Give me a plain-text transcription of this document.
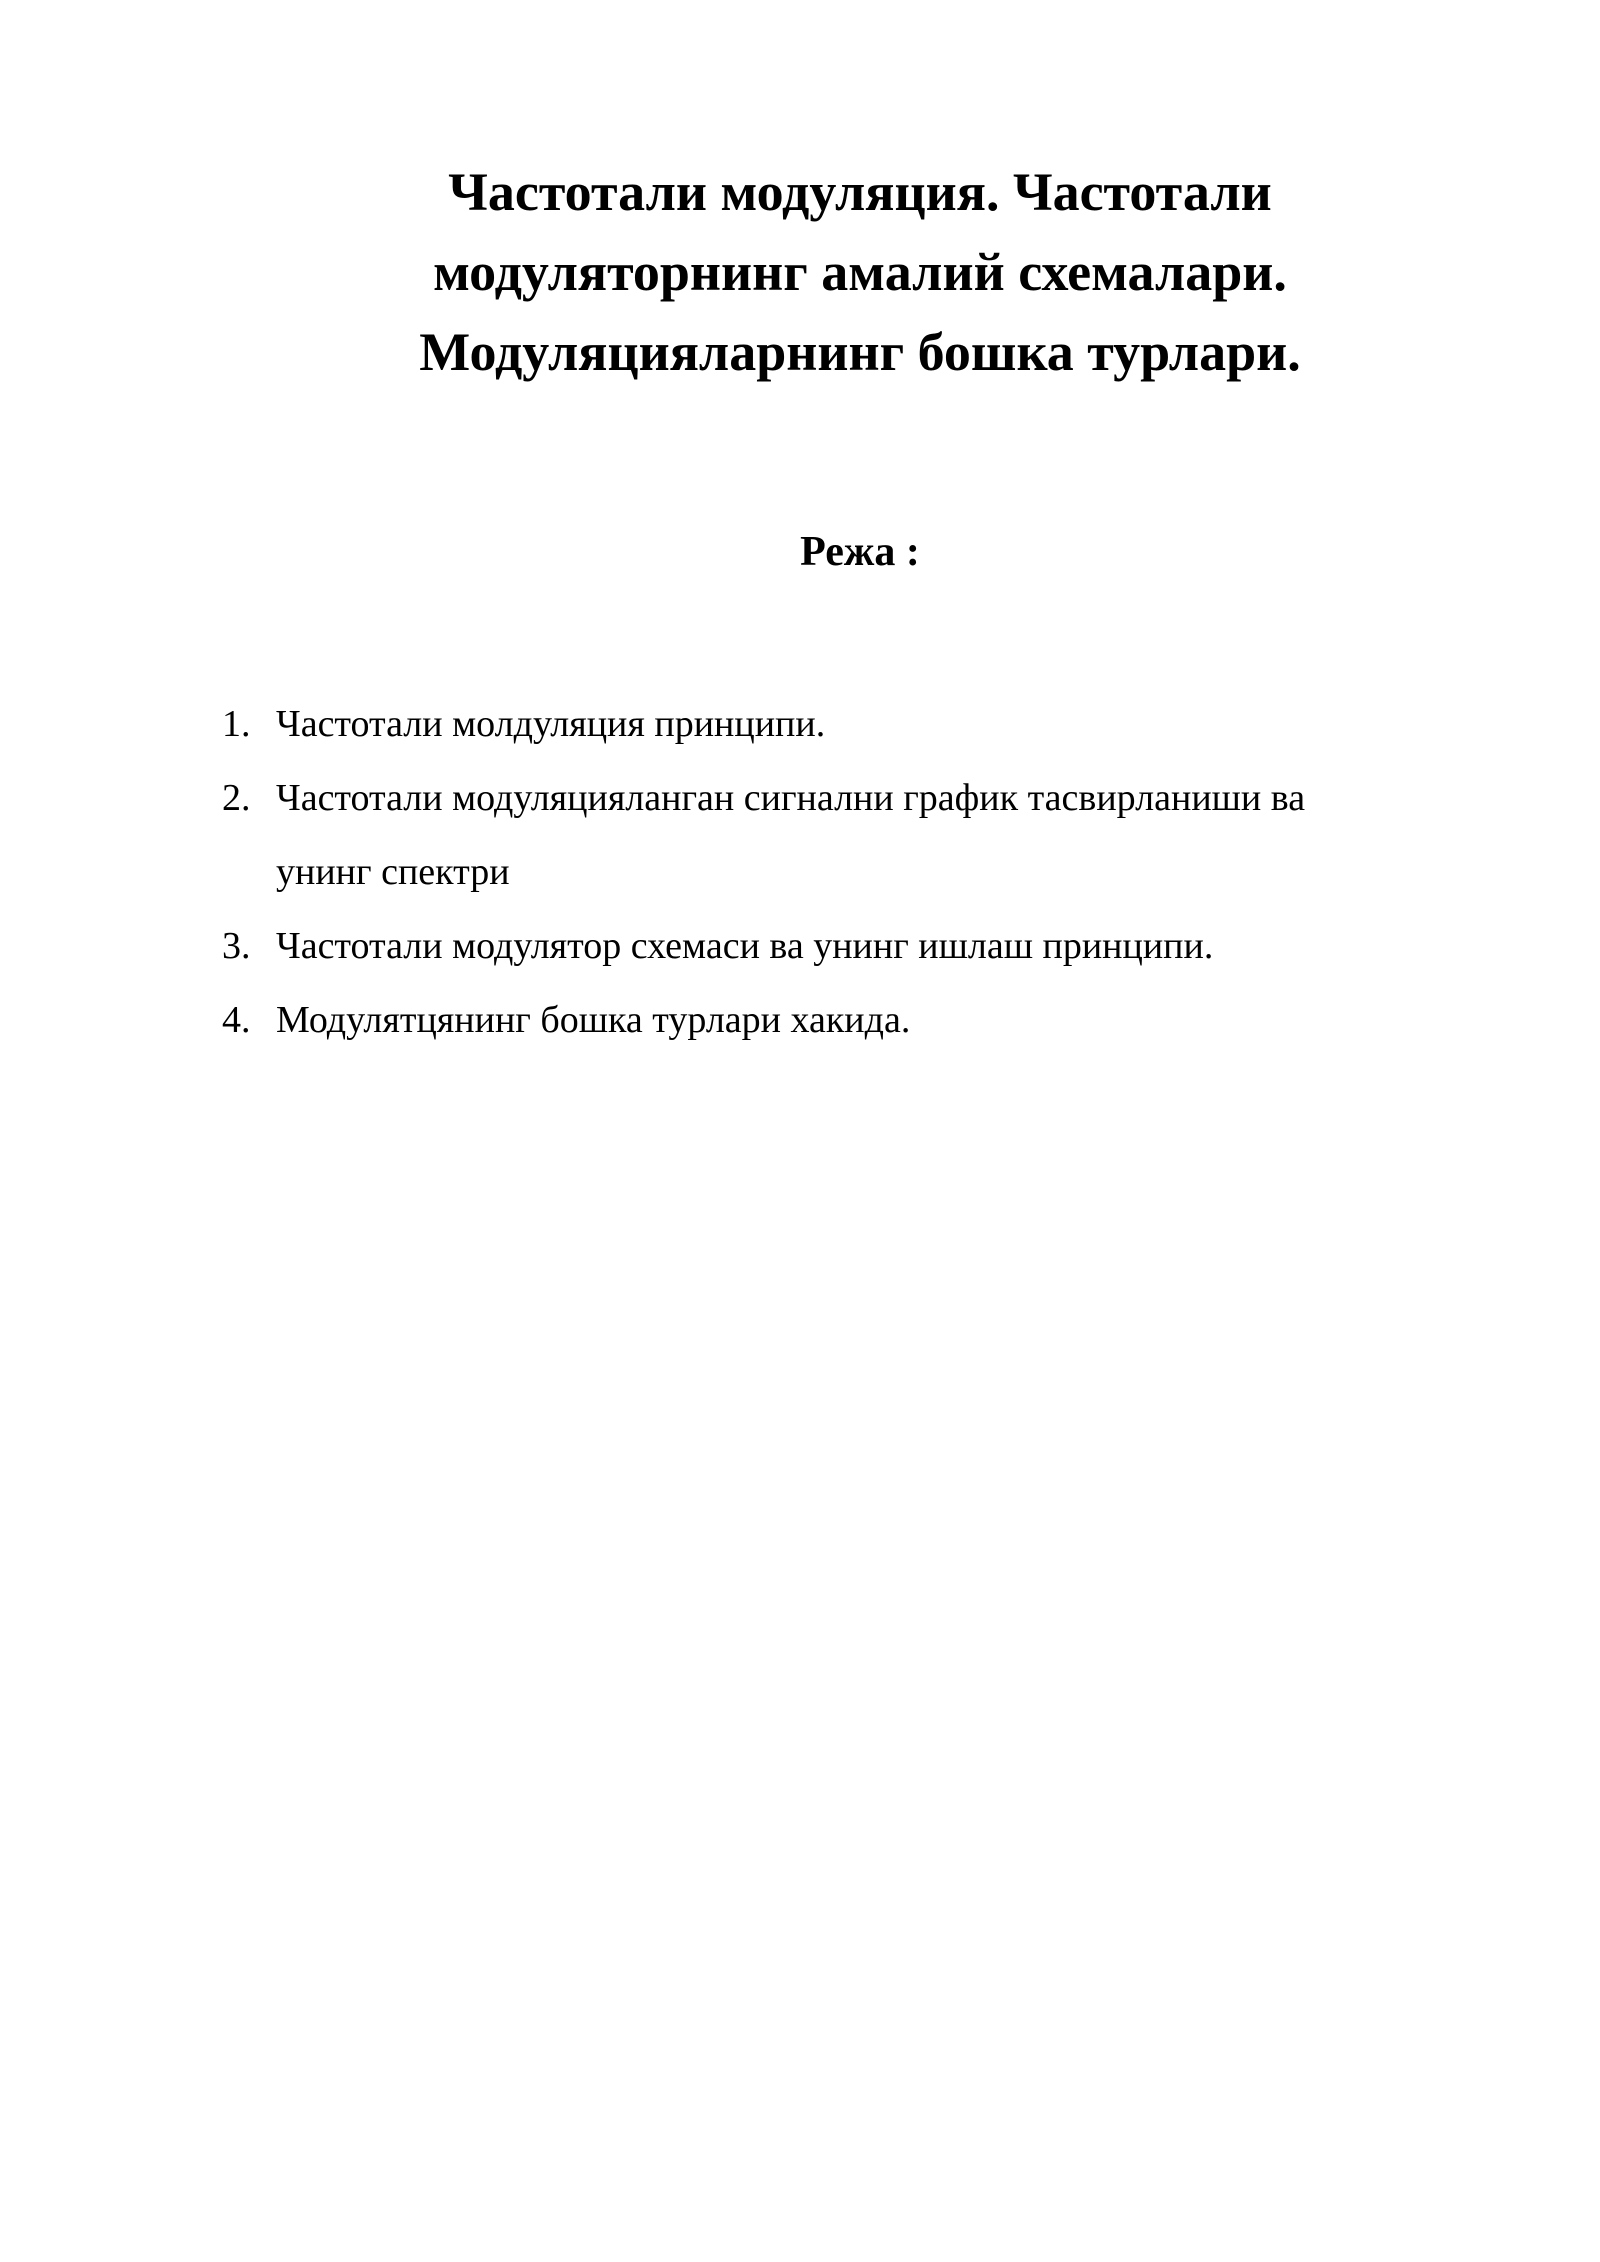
Частотали модуляция. Частотали
модуляторнинг амалий схемалари.
Модуляцияларнинг бошка турлари.
Режа :
1. Частотали молдуляция принципи.
2. Частотали модуляцияланган сигнални график тасвирланиши ва
унинг спектри
3. Частотали модулятор схемаси ва унинг ишлаш принципи.
4. Модулятцянинг бошка турлари хакида.
